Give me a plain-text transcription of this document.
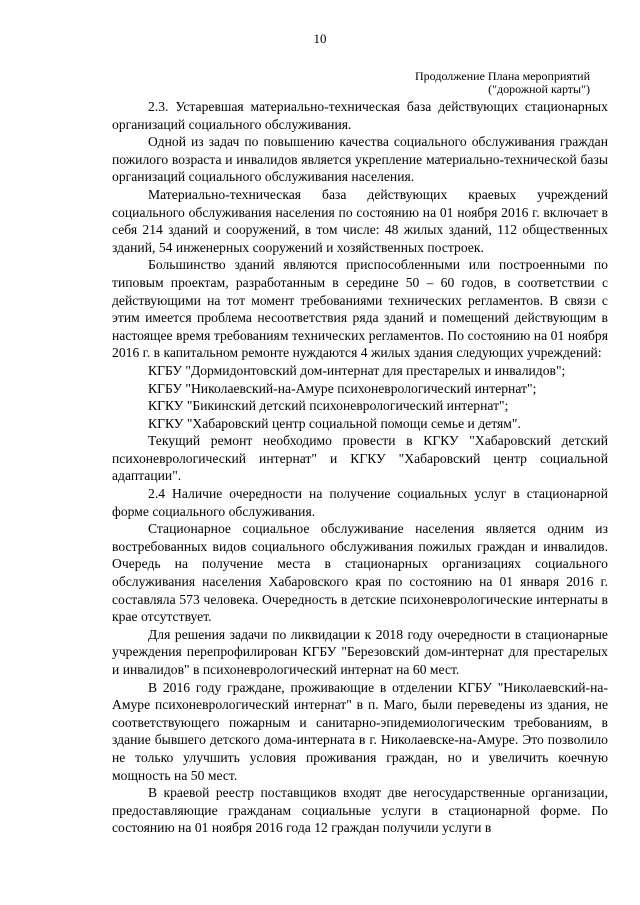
10
Продолжение Плана мероприятий
("дорожной карты")

2.3. Устаревшая материально-техническая база действующих стационарных организаций социального обслуживания.

Одной из задач по повышению качества социального обслуживания граждан пожилого возраста и инвалидов является укрепление материально-технической базы организаций социального обслуживания населения.

Материально-техническая база действующих краевых учреждений социального обслуживания населения по состоянию на 01 ноября 2016 г. включает в себя 214 зданий и сооружений, в том числе: 48 жилых зданий, 112 общественных зданий, 54 инженерных сооружений и хозяйственных построек.

Большинство зданий являются приспособленными или построенными по типовым проектам, разработанным в середине 50 – 60 годов, в соответствии с действующими на тот момент требованиями технических регламентов. В связи с этим имеется проблема несоответствия ряда зданий и помещений действующим в настоящее время требованиям технических регламентов. По состоянию на 01 ноября 2016 г. в капитальном ремонте нуждаются 4 жилых здания следующих учреждений:

КГБУ "Дормидонтовский дом-интернат для престарелых и инвалидов";

КГБУ "Николаевский-на-Амуре психоневрологический интернат";

КГКУ "Бикинский детский психоневрологический интернат";

КГКУ "Хабаровский центр социальной помощи семье и детям".

Текущий ремонт необходимо провести в КГКУ "Хабаровский детский психоневрологический интернат" и КГКУ "Хабаровский центр социальной адаптации".

2.4 Наличие очередности на получение социальных услуг в стационарной форме социального обслуживания.

Стационарное социальное обслуживание населения является одним из востребованных видов социального обслуживания пожилых граждан и инвалидов. Очередь на получение места в стационарных организациях социального обслуживания населения Хабаровского края по состоянию на 01 января 2016 г. составляла 573 человека. Очередность в детские психоневрологические интернаты в крае отсутствует.

Для решения задачи по ликвидации к 2018 году очередности в стационарные учреждения перепрофилирован КГБУ "Березовский дом-интернат для престарелых и инвалидов" в психоневрологический интернат на 60 мест.

В 2016 году граждане, проживающие в отделении КГБУ "Николаевский-на-Амуре психоневрологический интернат" в п. Маго, были переведены из здания, не соответствующего пожарным и санитарно-эпидемиологическим требованиям, в здание бывшего детского дома-интерната в г. Николаевске-на-Амуре. Это позволило не только улучшить условия проживания граждан, но и увеличить коечную мощность на 50 мест.

В краевой реестр поставщиков входят две негосударственные организации, предоставляющие гражданам социальные услуги в стационарной форме. По состоянию на 01 ноября 2016 года 12 граждан получили услуги в
